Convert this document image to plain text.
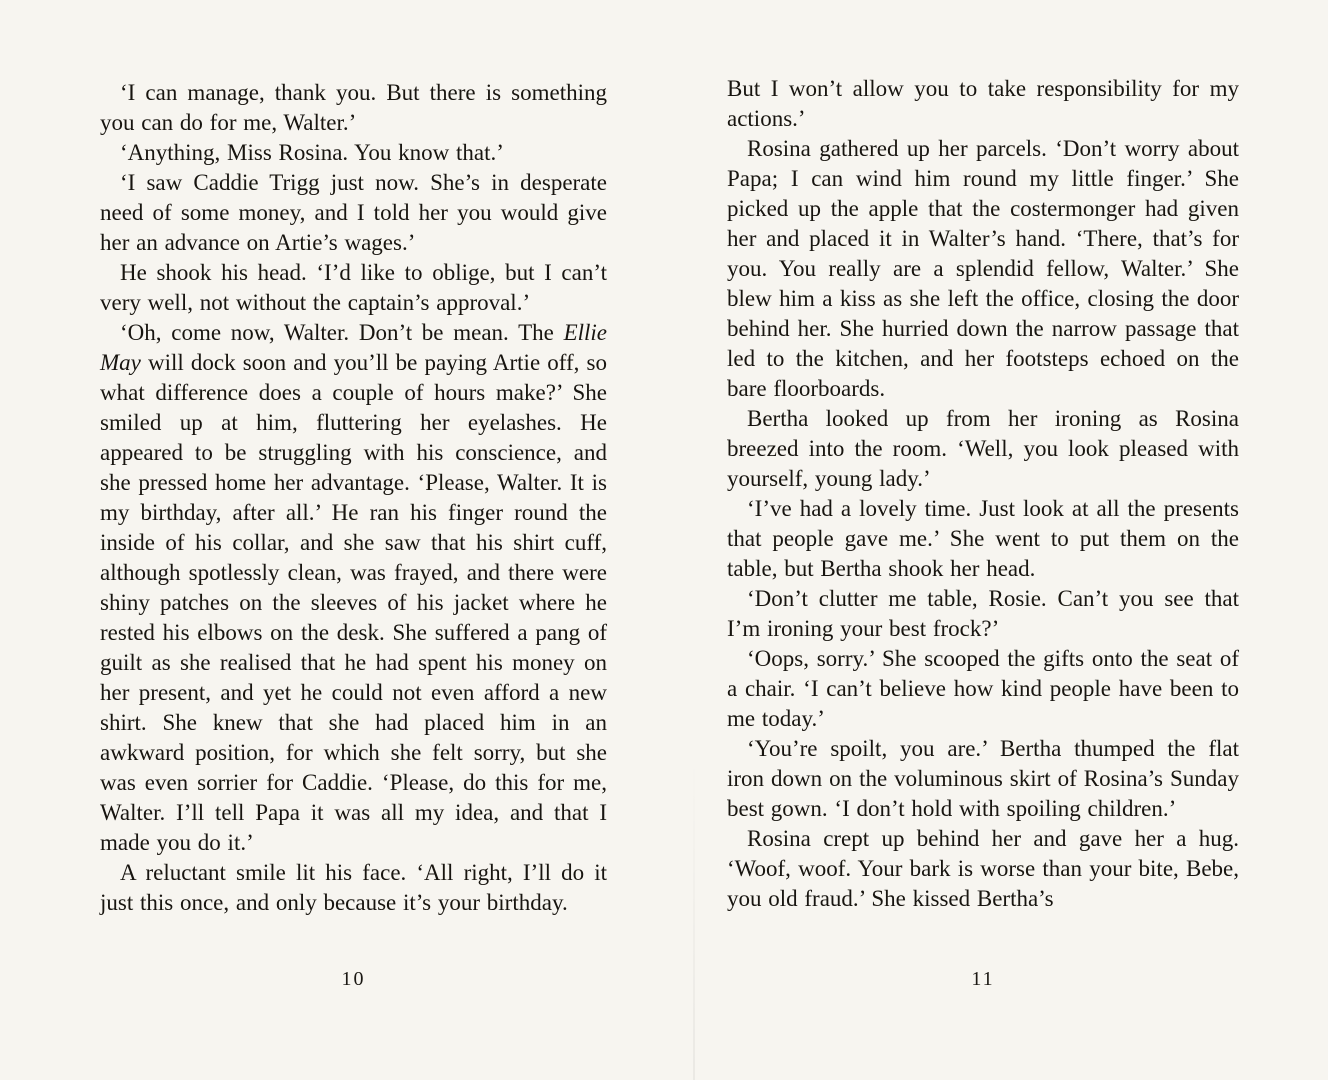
‘I can manage, thank you. But there is something you can do for me, Walter.’

‘Anything, Miss Rosina. You know that.’

‘I saw Caddie Trigg just now. She’s in desperate need of some money, and I told her you would give her an advance on Artie’s wages.’

He shook his head. ‘I’d like to oblige, but I can’t very well, not without the captain’s approval.’

‘Oh, come now, Walter. Don’t be mean. The Ellie May will dock soon and you’ll be paying Artie off, so what difference does a couple of hours make?’ She smiled up at him, fluttering her eyelashes. He appeared to be struggling with his conscience, and she pressed home her advantage. ‘Please, Walter. It is my birthday, after all.’ He ran his finger round the inside of his collar, and she saw that his shirt cuff, although spotlessly clean, was frayed, and there were shiny patches on the sleeves of his jacket where he rested his elbows on the desk. She suffered a pang of guilt as she realised that he had spent his money on her present, and yet he could not even afford a new shirt. She knew that she had placed him in an awkward position, for which she felt sorry, but she was even sorrier for Caddie. ‘Please, do this for me, Walter. I’ll tell Papa it was all my idea, and that I made you do it.’

A reluctant smile lit his face. ‘All right, I’ll do it just this once, and only because it’s your birthday.

But I won’t allow you to take responsibility for my actions.’

Rosina gathered up her parcels. ‘Don’t worry about Papa; I can wind him round my little finger.’ She picked up the apple that the costermonger had given her and placed it in Walter’s hand. ‘There, that’s for you. You really are a splendid fellow, Walter.’ She blew him a kiss as she left the office, closing the door behind her. She hurried down the narrow passage that led to the kitchen, and her footsteps echoed on the bare floorboards.

Bertha looked up from her ironing as Rosina breezed into the room. ‘Well, you look pleased with yourself, young lady.’

‘I’ve had a lovely time. Just look at all the presents that people gave me.’ She went to put them on the table, but Bertha shook her head.

‘Don’t clutter me table, Rosie. Can’t you see that I’m ironing your best frock?’

‘Oops, sorry.’ She scooped the gifts onto the seat of a chair. ‘I can’t believe how kind people have been to me today.’

‘You’re spoilt, you are.’ Bertha thumped the flat iron down on the voluminous skirt of Rosina’s Sunday best gown. ‘I don’t hold with spoiling children.’

Rosina crept up behind her and gave her a hug. ‘Woof, woof. Your bark is worse than your bite, Bebe, you old fraud.’ She kissed Bertha’s

10	11
